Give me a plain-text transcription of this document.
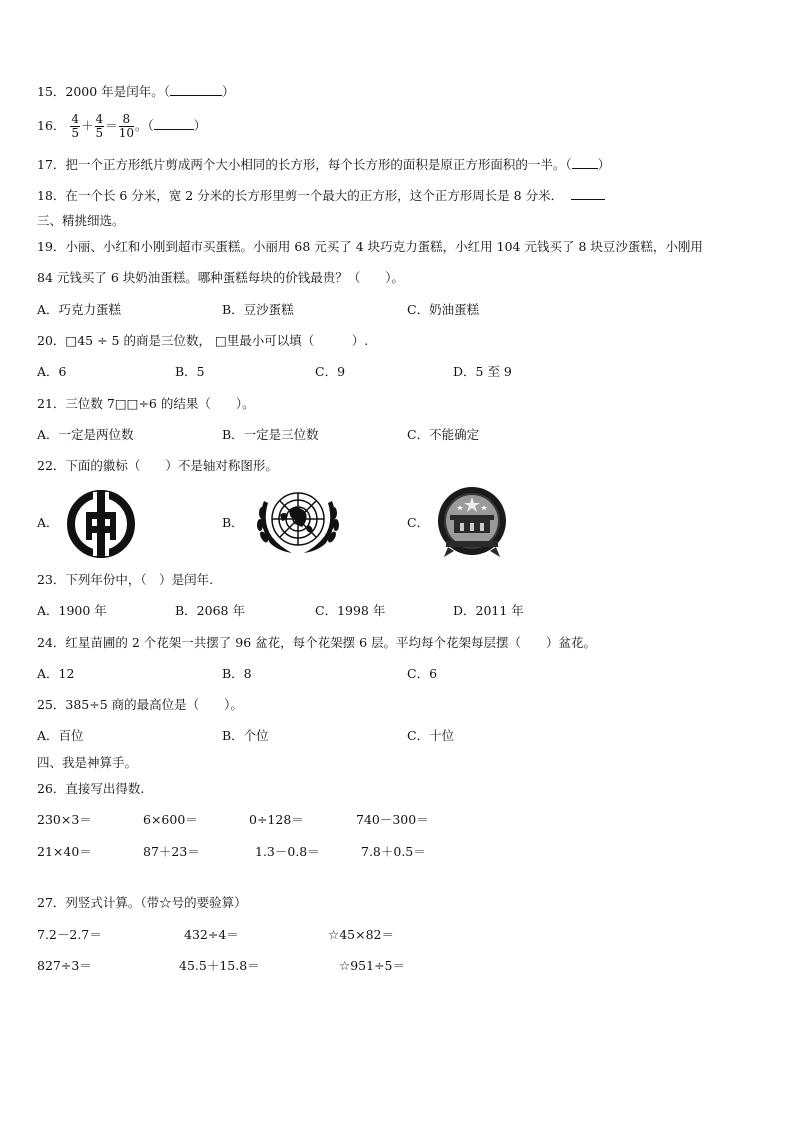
15．2000 年是闰年。（	）
16． $\frac{4}{5} + \frac{4}{5} = \frac{8}{10}$ 。（	）
17．把一个正方形纸片剪成两个大小相同的长方形，每个长方形的面积是原正方形面积的一半。（ ）
18．在一个长 6 分米，宽 2 分米的长方形里剪一个最大的正方形，这个正方形周长是 8 分米．
三、精挑细选。
19．小丽、小红和小刚到超市买蛋糕。小丽用 68 元买了 4 块巧克力蛋糕，小红用 104 元钱买了 8 块豆沙蛋糕，小刚用
84 元钱买了 6 块奶油蛋糕。哪种蛋糕每块的价钱最贵？（　　）。
A．巧克力蛋糕	B．豆沙蛋糕	C．奶油蛋糕
20．□45 ÷ 5 的商是三位数， □里最小可以填（　　　）.
A．6	B．5	C．9	D．5 至 9
21．三位数 7□□÷6 的结果（　　）。
A．一定是两位数	B．一定是三位数	C．不能确定
22．下面的徽标（　　）不是轴对称图形。
A．	B．	C．
23．下列年份中，（　）是闰年.
A．1900 年	B．2068 年	C．1998 年	D．2011 年
24．红星苗圃的 2 个花架一共摆了 96 盆花，每个花架摆 6 层。平均每个花架每层摆（　　）盆花。
A．12	B．8	C．6
25．385÷5 商的最高位是（　　）。
A．百位	B．个位	C．十位
四、我是神算手。
26．直接写出得数.
230×3＝	6×600＝	0÷128＝	740－300＝
21×40＝	87＋23＝	1.3－0.8＝	7.8＋0.5＝
27．列竖式计算。（带☆号的要验算）
7.2－2.7＝	432÷4＝	☆45×82＝
827÷3＝	45.5＋15.8＝	☆951÷5＝
